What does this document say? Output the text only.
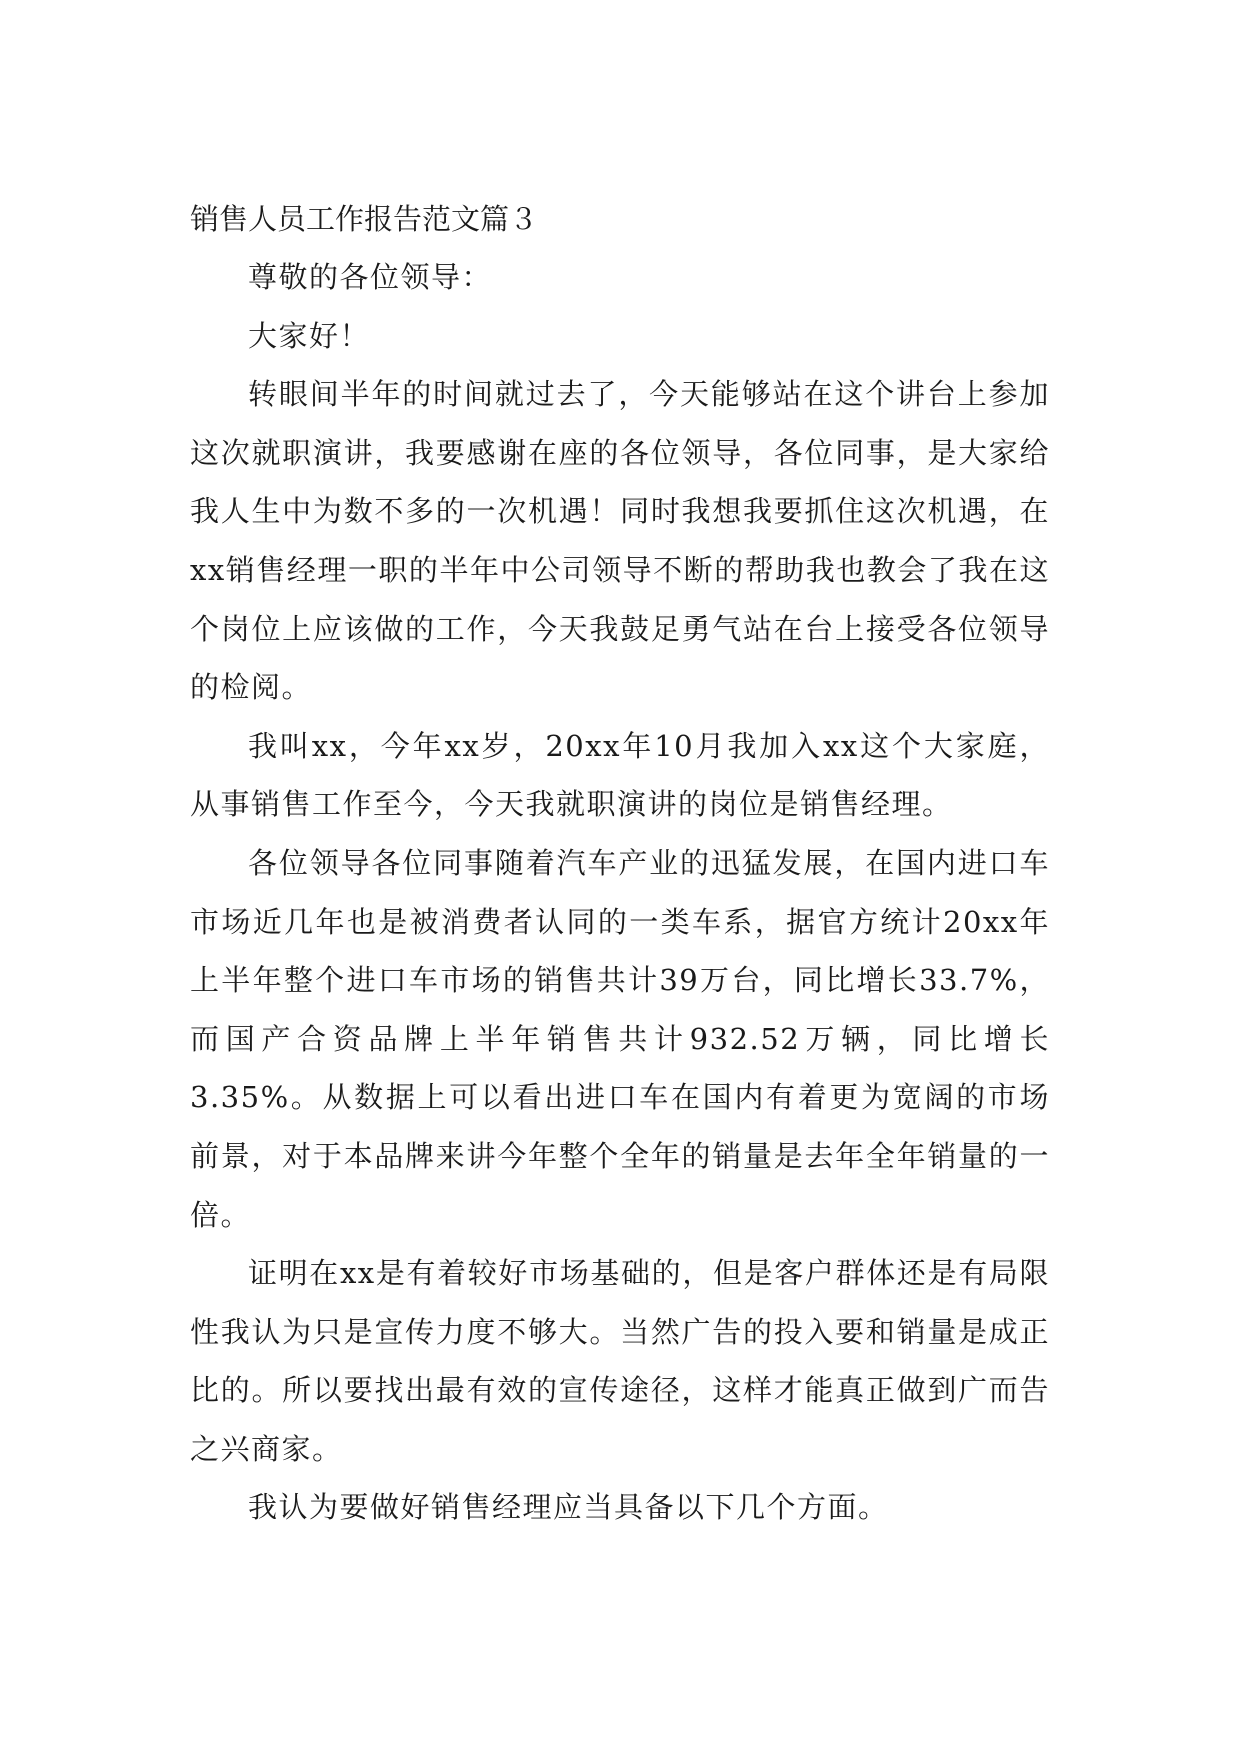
销售人员工作报告范文篇３

尊敬的各位领导：

大家好！

转眼间半年的时间就过去了，今天能够站在这个讲台上参加这次就职演讲，我要感谢在座的各位领导，各位同事，是大家给我人生中为数不多的一次机遇！同时我想我要抓住这次机遇，在xx销售经理一职的半年中公司领导不断的帮助我也教会了我在这个岗位上应该做的工作，今天我鼓足勇气站在台上接受各位领导的检阅。

我叫xx，今年xx岁，20xx年10月我加入xx这个大家庭，从事销售工作至今，今天我就职演讲的岗位是销售经理。

各位领导各位同事随着汽车产业的迅猛发展，在国内进口车市场近几年也是被消费者认同的一类车系，据官方统计20xx年上半年整个进口车市场的销售共计39万台，同比增长33.7%，而国产合资品牌上半年销售共计932.52万辆，同比增长3.35%。从数据上可以看出进口车在国内有着更为宽阔的市场前景，对于本品牌来讲今年整个全年的销量是去年全年销量的一倍。

证明在xx是有着较好市场基础的，但是客户群体还是有局限性我认为只是宣传力度不够大。当然广告的投入要和销量是成正比的。所以要找出最有效的宣传途径，这样才能真正做到广而告之兴商家。

我认为要做好销售经理应当具备以下几个方面。
